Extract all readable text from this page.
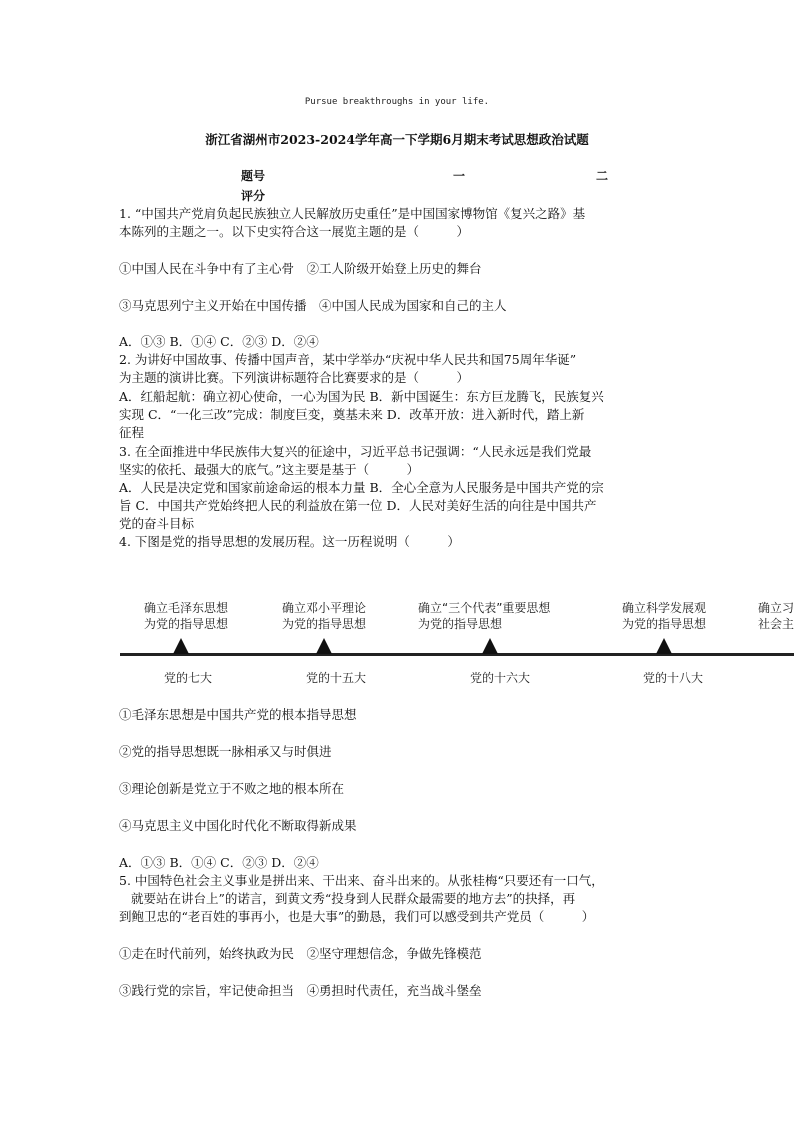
Pursue breakthroughs in your life.
浙江省湖州市2023-2024学年高一下学期6月期末考试思想政治试题
题号	一	二
评分
1. “中国共产党肩负起民族独立人民解放历史重任”是中国国家博物馆《复兴之路》基
本陈列的主题之一。以下史实符合这一展览主题的是（　　　）
①中国人民在斗争中有了主心骨　②工人阶级开始登上历史的舞台
③马克思列宁主义开始在中国传播　④中国人民成为国家和自己的主人
A．①③ B．①④ C．②③ D．②④
2. 为讲好中国故事、传播中国声音，某中学举办“庆祝中华人民共和国75周年华诞”
为主题的演讲比赛。下列演讲标题符合比赛要求的是（　　　）
A．红船起航：确立初心使命，一心为国为民 B．新中国诞生：东方巨龙腾飞，民族复兴
实现 C．“一化三改”完成：制度巨变，奠基未来 D．改革开放：进入新时代，踏上新
征程
3. 在全面推进中华民族伟大复兴的征途中，习近平总书记强调：“人民永远是我们党最
坚实的依托、最强大的底气。”这主要是基于（　　　）
A．人民是决定党和国家前途命运的根本力量 B．全心全意为人民服务是中国共产党的宗
旨 C．中国共产党始终把人民的利益放在第一位 D．人民对美好生活的向往是中国共产
党的奋斗目标
4. 下图是党的指导思想的发展历程。这一历程说明（　　　）
确立毛泽东思想
为党的指导思想
确立邓小平理论
为党的指导思想
确立“三个代表”重要思想
为党的指导思想
确立科学发展观
为党的指导思想
确立习
社会主
党的七大	党的十五大	党的十六大	党的十八大
①毛泽东思想是中国共产党的根本指导思想
②党的指导思想既一脉相承又与时俱进
③理论创新是党立于不败之地的根本所在
④马克思主义中国化时代化不断取得新成果
A．①③ B．①④ C．②③ D．②④
5. 中国特色社会主义事业是拼出来、干出来、奋斗出来的。从张桂梅“只要还有一口气，
就要站在讲台上”的诺言，到黄文秀“投身到人民群众最需要的地方去”的抉择，再
到鲍卫忠的“老百姓的事再小，也是大事”的勤恳，我们可以感受到共产党员（　　　）
①走在时代前列，始终执政为民　②坚守理想信念，争做先锋模范
③践行党的宗旨，牢记使命担当　④勇担时代责任，充当战斗堡垒
